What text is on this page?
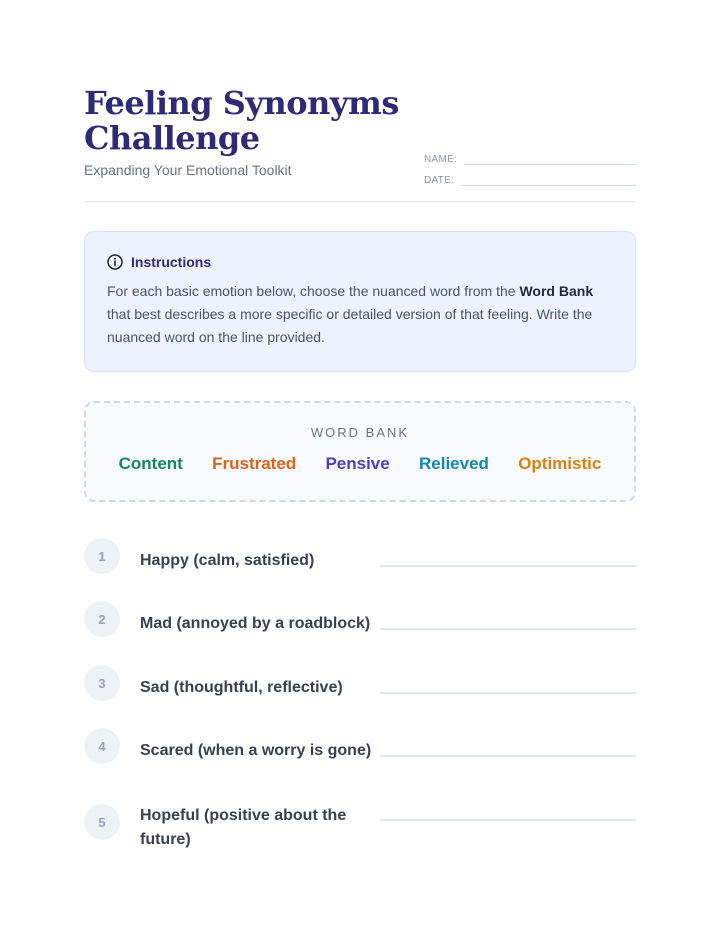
Feeling Synonyms Challenge
Expanding Your Emotional Toolkit
NAME:
DATE:
Instructions

For each basic emotion below, choose the nuanced word from the Word Bank that best describes a more specific or detailed version of that feeling. Write the nuanced word on the line provided.

WORD BANK
Content Frustrated Pensive Relieved Optimistic
1	Happy (calm, satisfied)
2	Mad (annoyed by a roadblock)
3	Sad (thoughtful, reflective)
4	Scared (when a worry is gone)
5	Hopeful (positive about the future)
